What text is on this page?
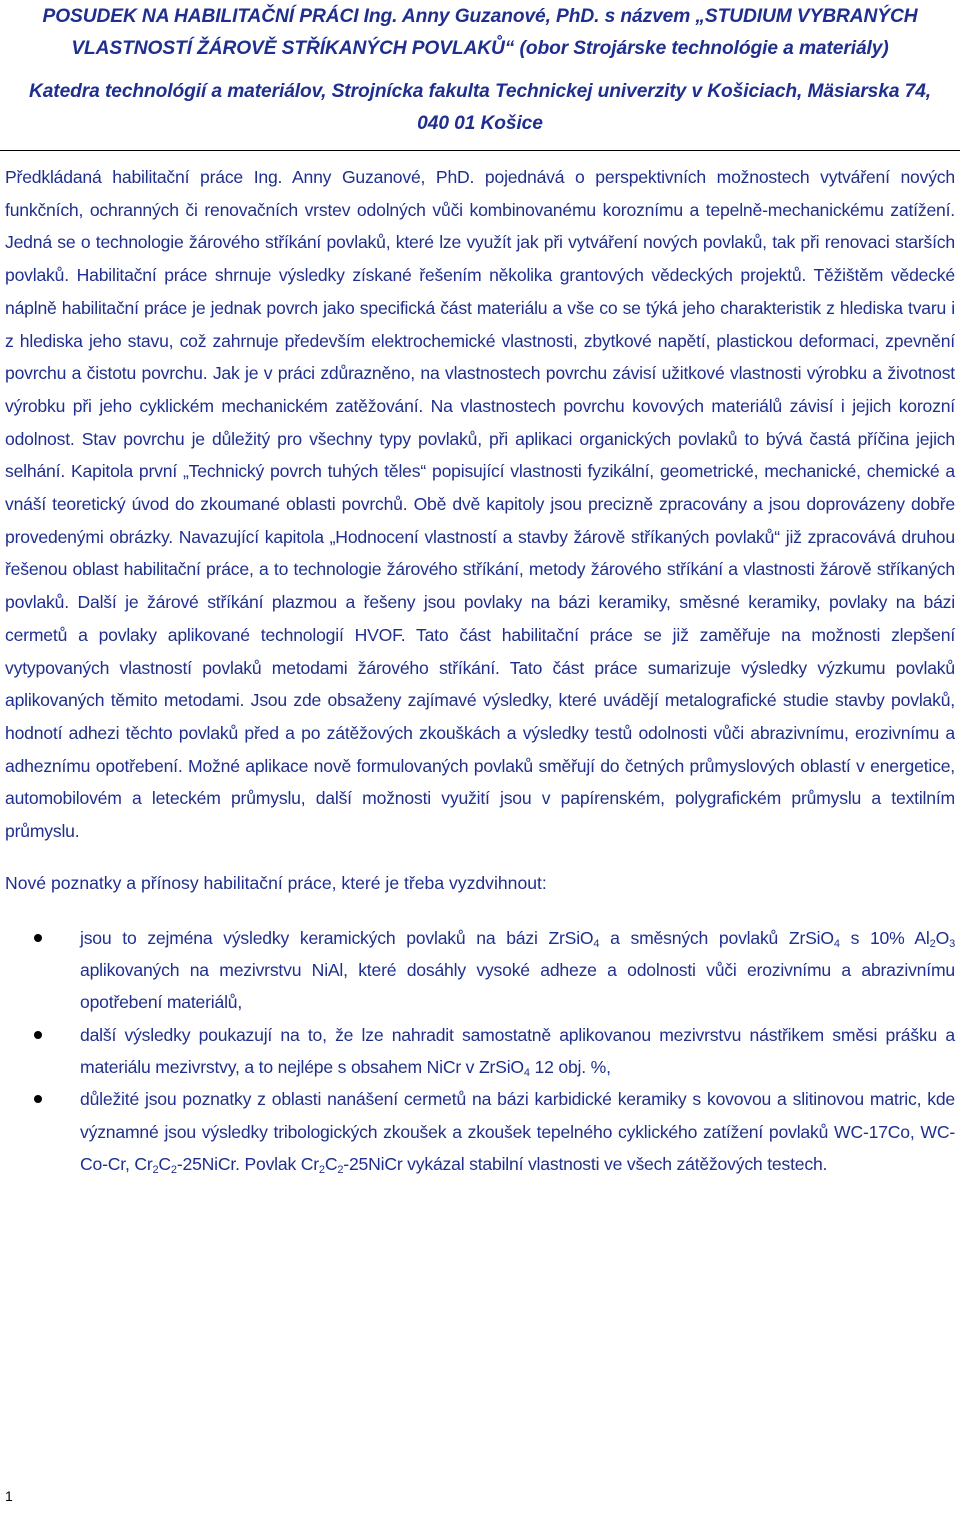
POSUDEK NA HABILITAČNÍ PRÁCI Ing. Anny Guzanové, PhD. s názvem „STUDIUM VYBRANÝCH
VLASTNOSTÍ ŽÁROVĚ STŘÍKANÝCH POVLAKŮ“ (obor Strojárske technológie a materiály)
Katedra technológií a materiálov, Strojnícka fakulta Technickej univerzity v Košiciach, Mäsiarska 74,
040 01 Košice

Předkládaná habilitační práce Ing. Anny Guzanové, PhD. pojednává o perspektivních možnostech vytváření nových funkčních, ochranných či renovačních vrstev odolných vůči kombinovanému koroznímu a tepelně-mechanickému zatížení. Jedná se o technologie žárového stříkání povlaků, které lze využít jak při vytváření nových povlaků, tak při renovaci starších povlaků. Habilitační práce shrnuje výsledky získané řešením několika grantových vědeckých projektů. Těžištěm vědecké náplně habilitační práce je jednak povrch jako specifická část materiálu a vše co se týká jeho charakteristik z hlediska tvaru i z hlediska jeho stavu, což zahrnuje především elektrochemické vlastnosti, zbytkové napětí, plastickou deformaci, zpevnění povrchu a čistotu povrchu. Jak je v práci zdůrazněno, na vlastnostech povrchu závisí užitkové vlastnosti výrobku a životnost výrobku při jeho cyklickém mechanickém zatěžování. Na vlastnostech povrchu kovových materiálů závisí i jejich korozní odolnost. Stav povrchu je důležitý pro všechny typy povlaků, při aplikaci organických povlaků to bývá častá příčina jejich selhání. Kapitola první „Technický povrch tuhých těles“ popisující vlastnosti fyzikální, geometrické, mechanické, chemické a vnáší teoretický úvod do zkoumané oblasti povrchů. Obě dvě kapitoly jsou precizně zpracovány a jsou doprovázeny dobře provedenými obrázky. Navazující kapitola „Hodnocení vlastností a stavby žárově stříkaných povlaků“ již zpracovává druhou řešenou oblast habilitační práce, a to technologie žárového stříkání, metody žárového stříkání a vlastnosti žárově stříkaných povlaků. Další je žárové stříkání plazmou a řešeny jsou povlaky na bázi keramiky, směsné keramiky, povlaky na bázi cermetů a povlaky aplikované technologií HVOF. Tato část habilitační práce se již zaměřuje na možnosti zlepšení vytypovaných vlastností povlaků metodami žárového stříkání. Tato část práce sumarizuje výsledky výzkumu povlaků aplikovaných těmito metodami. Jsou zde obsaženy zajímavé výsledky, které uvádějí metalografické studie stavby povlaků, hodnotí adhezi těchto povlaků před a po zátěžových zkouškách a výsledky testů odolnosti vůči abrazivnímu, erozivnímu a adheznímu opotřebení. Možné aplikace nově formulovaných povlaků směřují do četných průmyslových oblastí v energetice, automobilovém a leteckém průmyslu, další možnosti využití jsou v papírenském, polygrafickém průmyslu a textilním průmyslu.

Nové poznatky a přínosy habilitační práce, které je třeba vyzdvihnout:
jsou to zejména výsledky keramických povlaků na bázi ZrSiO$_4$ a směsných povlaků ZrSiO$_4$ s 10% $Al_2O_3$ aplikovaných na mezivrstvu NiAl, které dosáhly vysoké adheze a odolnosti vůči erozivnímu a abrazivnímu opotřebení materiálů,
další výsledky poukazují na to, že lze nahradit samostatně aplikovanou mezivrstvu nástřikem směsi prášku a materiálu mezivrstvy, a to nejlépe s obsahem NiCr v ZrSiO$_4$ 12 obj. %,
důležité jsou poznatky z oblasti nanášení cermetů na bázi karbidické keramiky s kovovou a slitinovou matric, kde významné jsou výsledky tribologických zkoušek a zkoušek tepelného cyklického zatížení povlaků WC-17Co, WC-Co-Cr, $Cr_2C_2-25NiCr$. Povlak $Cr_2C_2-25NiCr$ vykázal stabilní vlastnosti ve všech zátěžových testech.
1
